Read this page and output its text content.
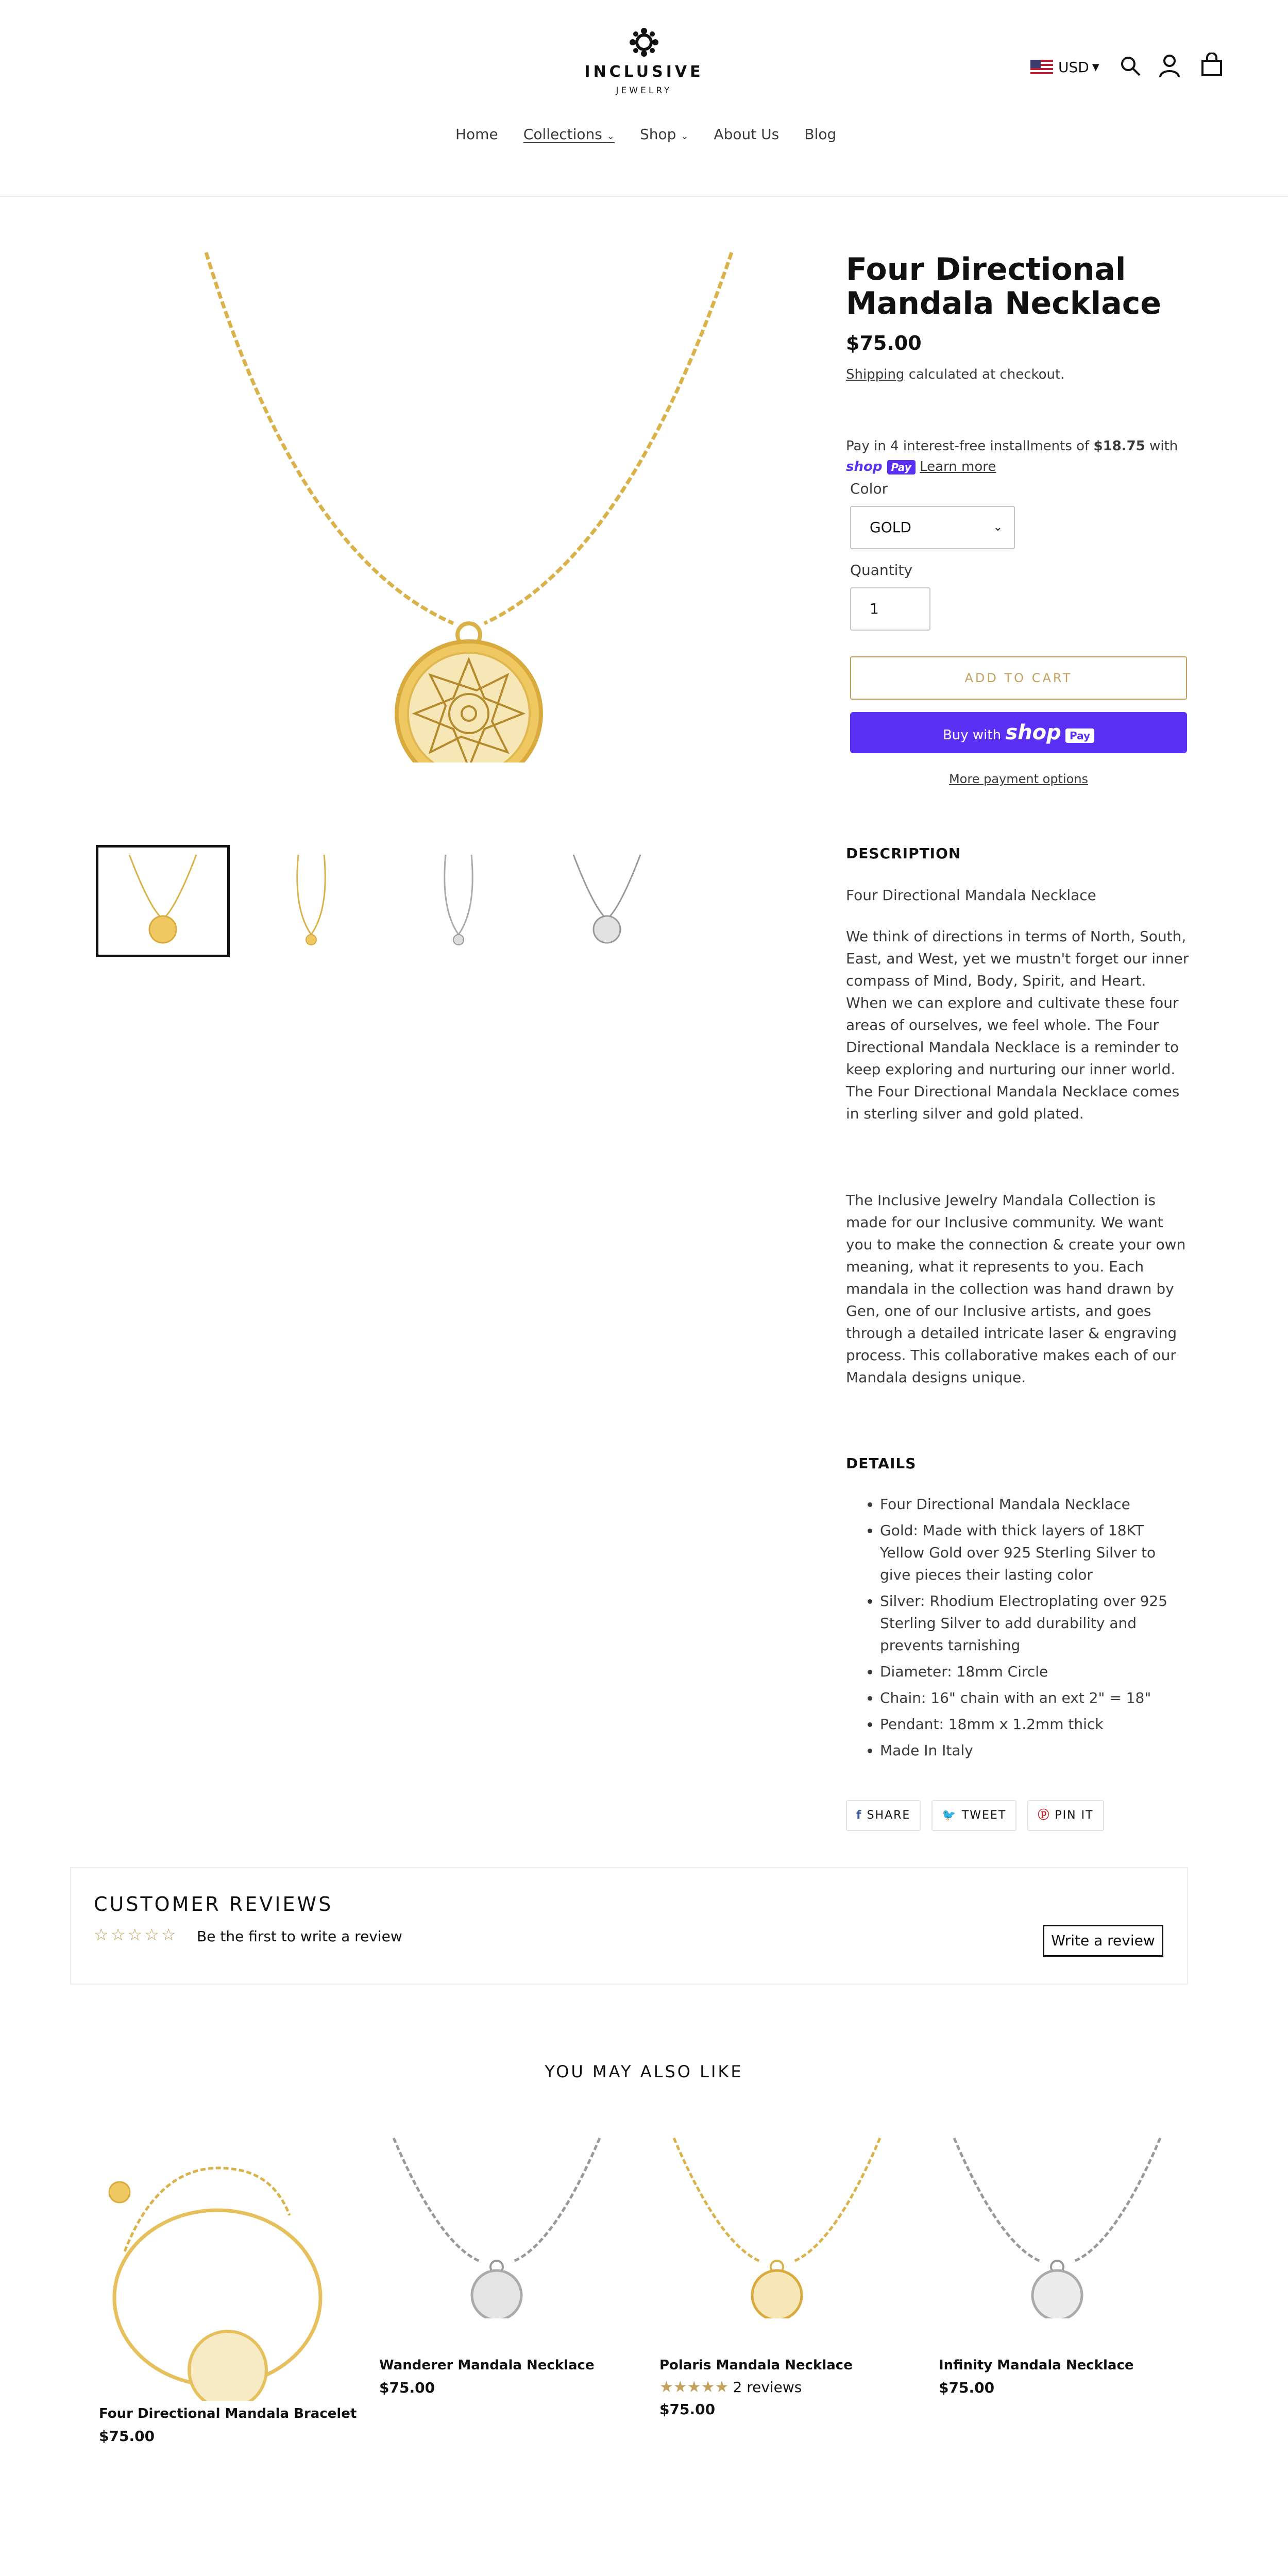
INCLUSIVE
JEWELRY
USD ▼
Home Collections ⌄ Shop ⌄ About Us Blog
Four Directional Mandala Necklace
$75.00
Shipping calculated at checkout.
Pay in 4 interest-free installments of $18.75 with shop Pay Learn more
Color
GOLD	⌄
Quantity
1
ADD TO CART
Buy with shop Pay
More payment options
DESCRIPTION
Four Directional Mandala Necklace
We think of directions in terms of North, South, East, and West, yet we mustn't forget our inner compass of Mind, Body, Spirit, and Heart. When we can explore and cultivate these four areas of ourselves, we feel whole. The Four Directional Mandala Necklace is a reminder to keep exploring and nurturing our inner world. The Four Directional Mandala Necklace comes in sterling silver and gold plated.
The Inclusive Jewelry Mandala Collection is made for our Inclusive community. We want you to make the connection & create your own meaning, what it represents to you. Each mandala in the collection was hand drawn by Gen, one of our Inclusive artists, and goes through a detailed intricate laser & engraving process. This collaborative makes each of our Mandala designs unique.
DETAILS
• Four Directional Mandala Necklace
• Gold: Made with thick layers of 18KT Yellow Gold over 925 Sterling Silver to give pieces their lasting color
• Silver: Rhodium Electroplating over 925 Sterling Silver to add durability and prevents tarnishing
• Diameter: 18mm Circle
• Chain: 16" chain with an ext 2" = 18"
• Pendant: 18mm x 1.2mm thick
• Made In Italy
f SHARE	🐦 TWEET	ⓟ PIN IT
CUSTOMER REVIEWS
☆☆☆☆☆ Be the first to write a review	Write a review
YOU MAY ALSO LIKE
Four Directional Mandala Bracelet
$75.00
Wanderer Mandala Necklace
$75.00
Polaris Mandala Necklace
★★★★★ 2 reviews
$75.00
Infinity Mandala Necklace
$75.00
